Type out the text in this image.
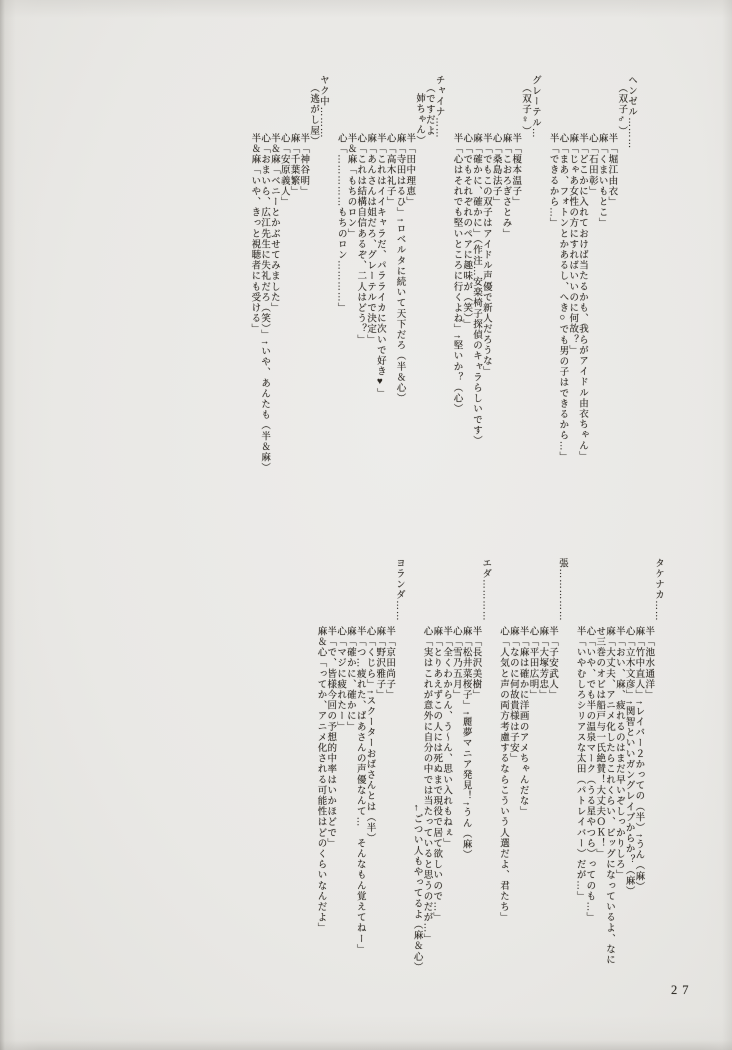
ヘンゼル………
（双子♂）
半「堀江由衣」
麻「くまいもとこ」
心「石田彰」
半「どこかに入れておけば当たるかも、我らがアイドル由衣ちゃん」
麻「じゃあ女性の方にすればいいのに何故？」
心「まあ、フォトンとかあるし、へき○でも男の子はできるから…」
半「できるから…」
グレーテル…
（双子♀）
半「榎本温子」
麻「こおろぎさとみ」
心「桑島法子」
半「でもこの双子はアイドル声優で新人だろうな」
麻「確かに、確かに」（作注…安楽椅子探偵のキャラらしいです）
心「でもそれぞれのペアに趣味が（笑）」
半「心はそれでも堅いところに行くよね」↑堅いか？（心）
チャイナ……
（ですだよ
姉ちゃん）
半「田中理恵」
麻「寺田はるひ」↑ロベルタに続いて天下だろ（半＆心）
心「高木礼子」
半「これはイイキャラだ、パラライカに次いで好き♥」
麻「あんさんは姐だろ、グレーテルで決定」
心「これは結構自信あるぞ、二人はどう？」
半＆麻「もちのロン」
心「……………もちのロン…………」
ヤク中………
（逃がし屋）
半「神谷明」
麻「千葉繁」
心「安原義人」
半＆麻「ベニーとかぶせてみました」
心「おまいら、広江先生に失礼だろ（笑）」↑いや、あんたも（半＆麻）
半＆麻「いや、きっと視聴者にも受ける」
タケナカ……
半「池水通洋」
麻「竹中直人」↑レイバー２かっての（半）↑うん（麻）
心「立木文彦」↑関智といいガングレイブからか？（麻）
半「おい、麻、疲れるのはまだ早いぞしっかりしろ」
麻「大丈夫、アニメ化したらこれくらい、ビッグになっているよ、なにせ三巻のオビは船戸与一氏絶賛！大丈夫ＯＫ！」
心「いや、でも半の温泉マーク（うる星やつら）ってのも…」
半「いやむしろシリアスな太田（パトレイバー）だが…」
張……………
半「子安武人」
麻「大塚芳忠」
心「平田広明」
半「麻は確かに洋画のアメちゃんだな」
麻「なのに何故貴様は子安」
心「人気と声の両方考慮するならこういう人選だよ、君たち」
エダ…………
半「長沢美樹」
麻「松井菜桜子」↑麗夢マニア発見！↑うん（麻）
心「雪乃五月」
半「全くわからん、う〜ん、思い入れもねぇ」
麻「とりあえずこの人には死ぬまで現役で居て欲しいので…」
心「実はこれが意外に自分の中では当たっていると思うのだが…」
←ごつい人もやってるよ（麻＆心）
ヨランダ……
半「京田尚子」
麻「野沢雅子」
心「くじら」↑スクーターおばさんとは（半）
半「つ…疲れた、ばあさんの声優なんて…　そんなもん覚えてねー」
麻「確かに、確かに」
心「マジに疲れたー」
半「で、皆様今回の予想的中率はいかほどで」
麻＆心「ってか、アニメ化される可能性はどのくらいなんだよ」
27
